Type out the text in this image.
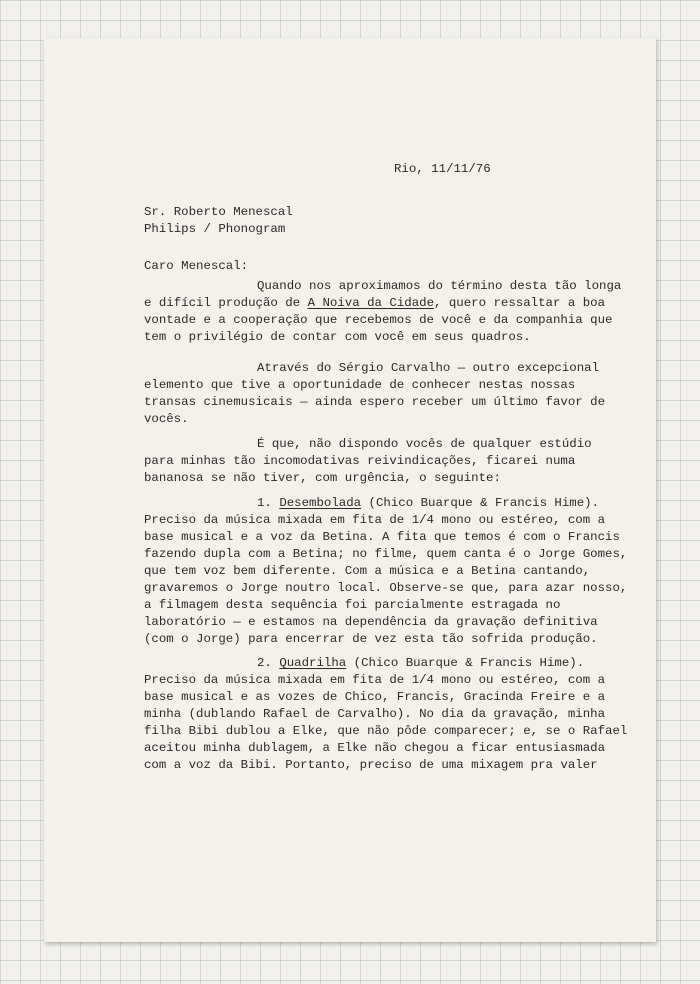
Rio, 11/11/76

Sr. Roberto Menescal

Philips / Phonogram

Caro Menescal:

Quando nos aproximamos do término desta tão longa

e difícil produção de A Noiva da Cidade, quero ressaltar a boa

vontade e a cooperação que recebemos de você e da companhia que

tem o privilégio de contar com você em seus quadros.

Através do Sérgio Carvalho — outro excepcional

elemento que tive a oportunidade de conhecer nestas nossas

transas cinemusicais — ainda espero receber um último favor de

vocês.

É que, não dispondo vocês de qualquer estúdio

para minhas tão incomodativas reivindicações, ficarei numa

bananosa se não tiver, com urgência, o seguinte:

1. Desembolada (Chico Buarque & Francis Hime).

Preciso da música mixada em fita de 1/4 mono ou estéreo, com a

base musical e a voz da Betina. A fita que temos é com o Francis

fazendo dupla com a Betina; no filme, quem canta é o Jorge Gomes,

que tem voz bem diferente. Com a música e a Betina cantando,

gravaremos o Jorge noutro local. Observe-se que, para azar nosso,

a filmagem desta sequência foi parcialmente estragada no

laboratório — e estamos na dependência da gravação definitiva

(com o Jorge) para encerrar de vez esta tão sofrida produção.

2. Quadrilha (Chico Buarque & Francis Hime).

Preciso da música mixada em fita de 1/4 mono ou estéreo, com a

base musical e as vozes de Chico, Francis, Gracinda Freire e a

minha (dublando Rafael de Carvalho). No dia da gravação, minha

filha Bibi dublou a Elke, que não pôde comparecer; e, se o Rafael

aceitou minha dublagem, a Elke não chegou a ficar entusiasmada

com a voz da Bibi. Portanto, preciso de uma mixagem pra valer
